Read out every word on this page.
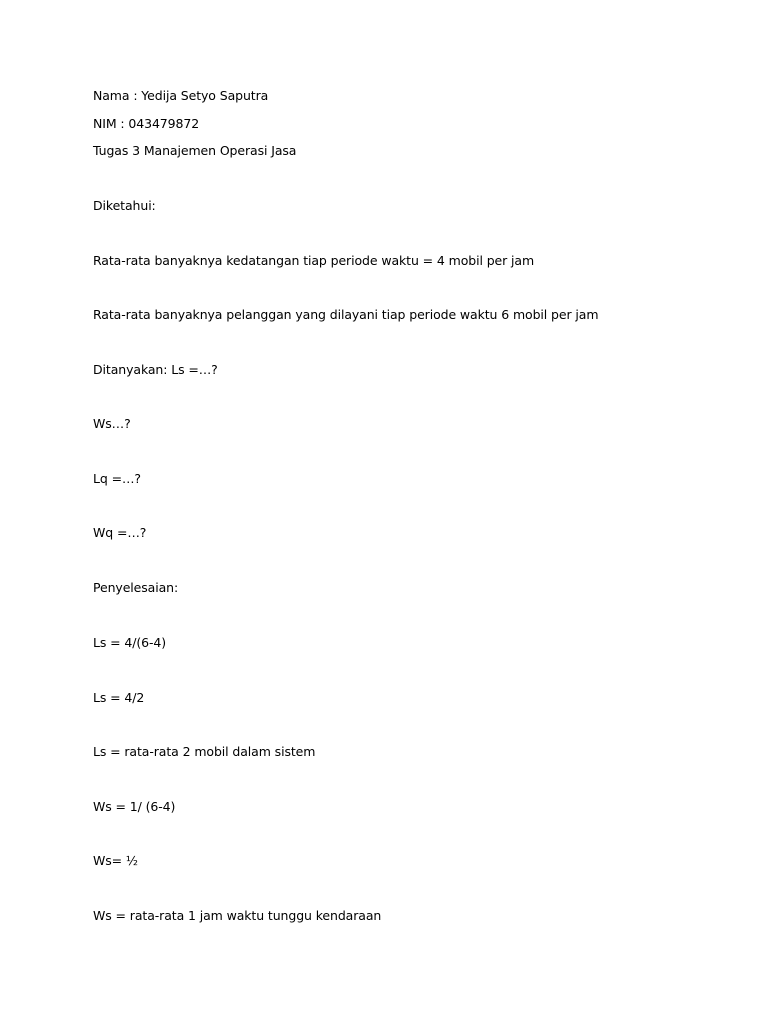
Nama : Yedija Setyo Saputra
NIM : 043479872
Tugas 3 Manajemen Operasi Jasa
Diketahui:
Rata-rata banyaknya kedatangan tiap periode waktu = 4 mobil per jam
Rata-rata banyaknya pelanggan yang dilayani tiap periode waktu 6 mobil per jam
Ditanyakan: Ls =…?
Ws…?
Lq =…?
Wq =…?
Penyelesaian:
Ls = 4/(6-4)
Ls = 4/2
Ls = rata-rata 2 mobil dalam sistem
Ws = 1/ (6-4)
Ws= ½
Ws = rata-rata 1 jam waktu tunggu kendaraan
